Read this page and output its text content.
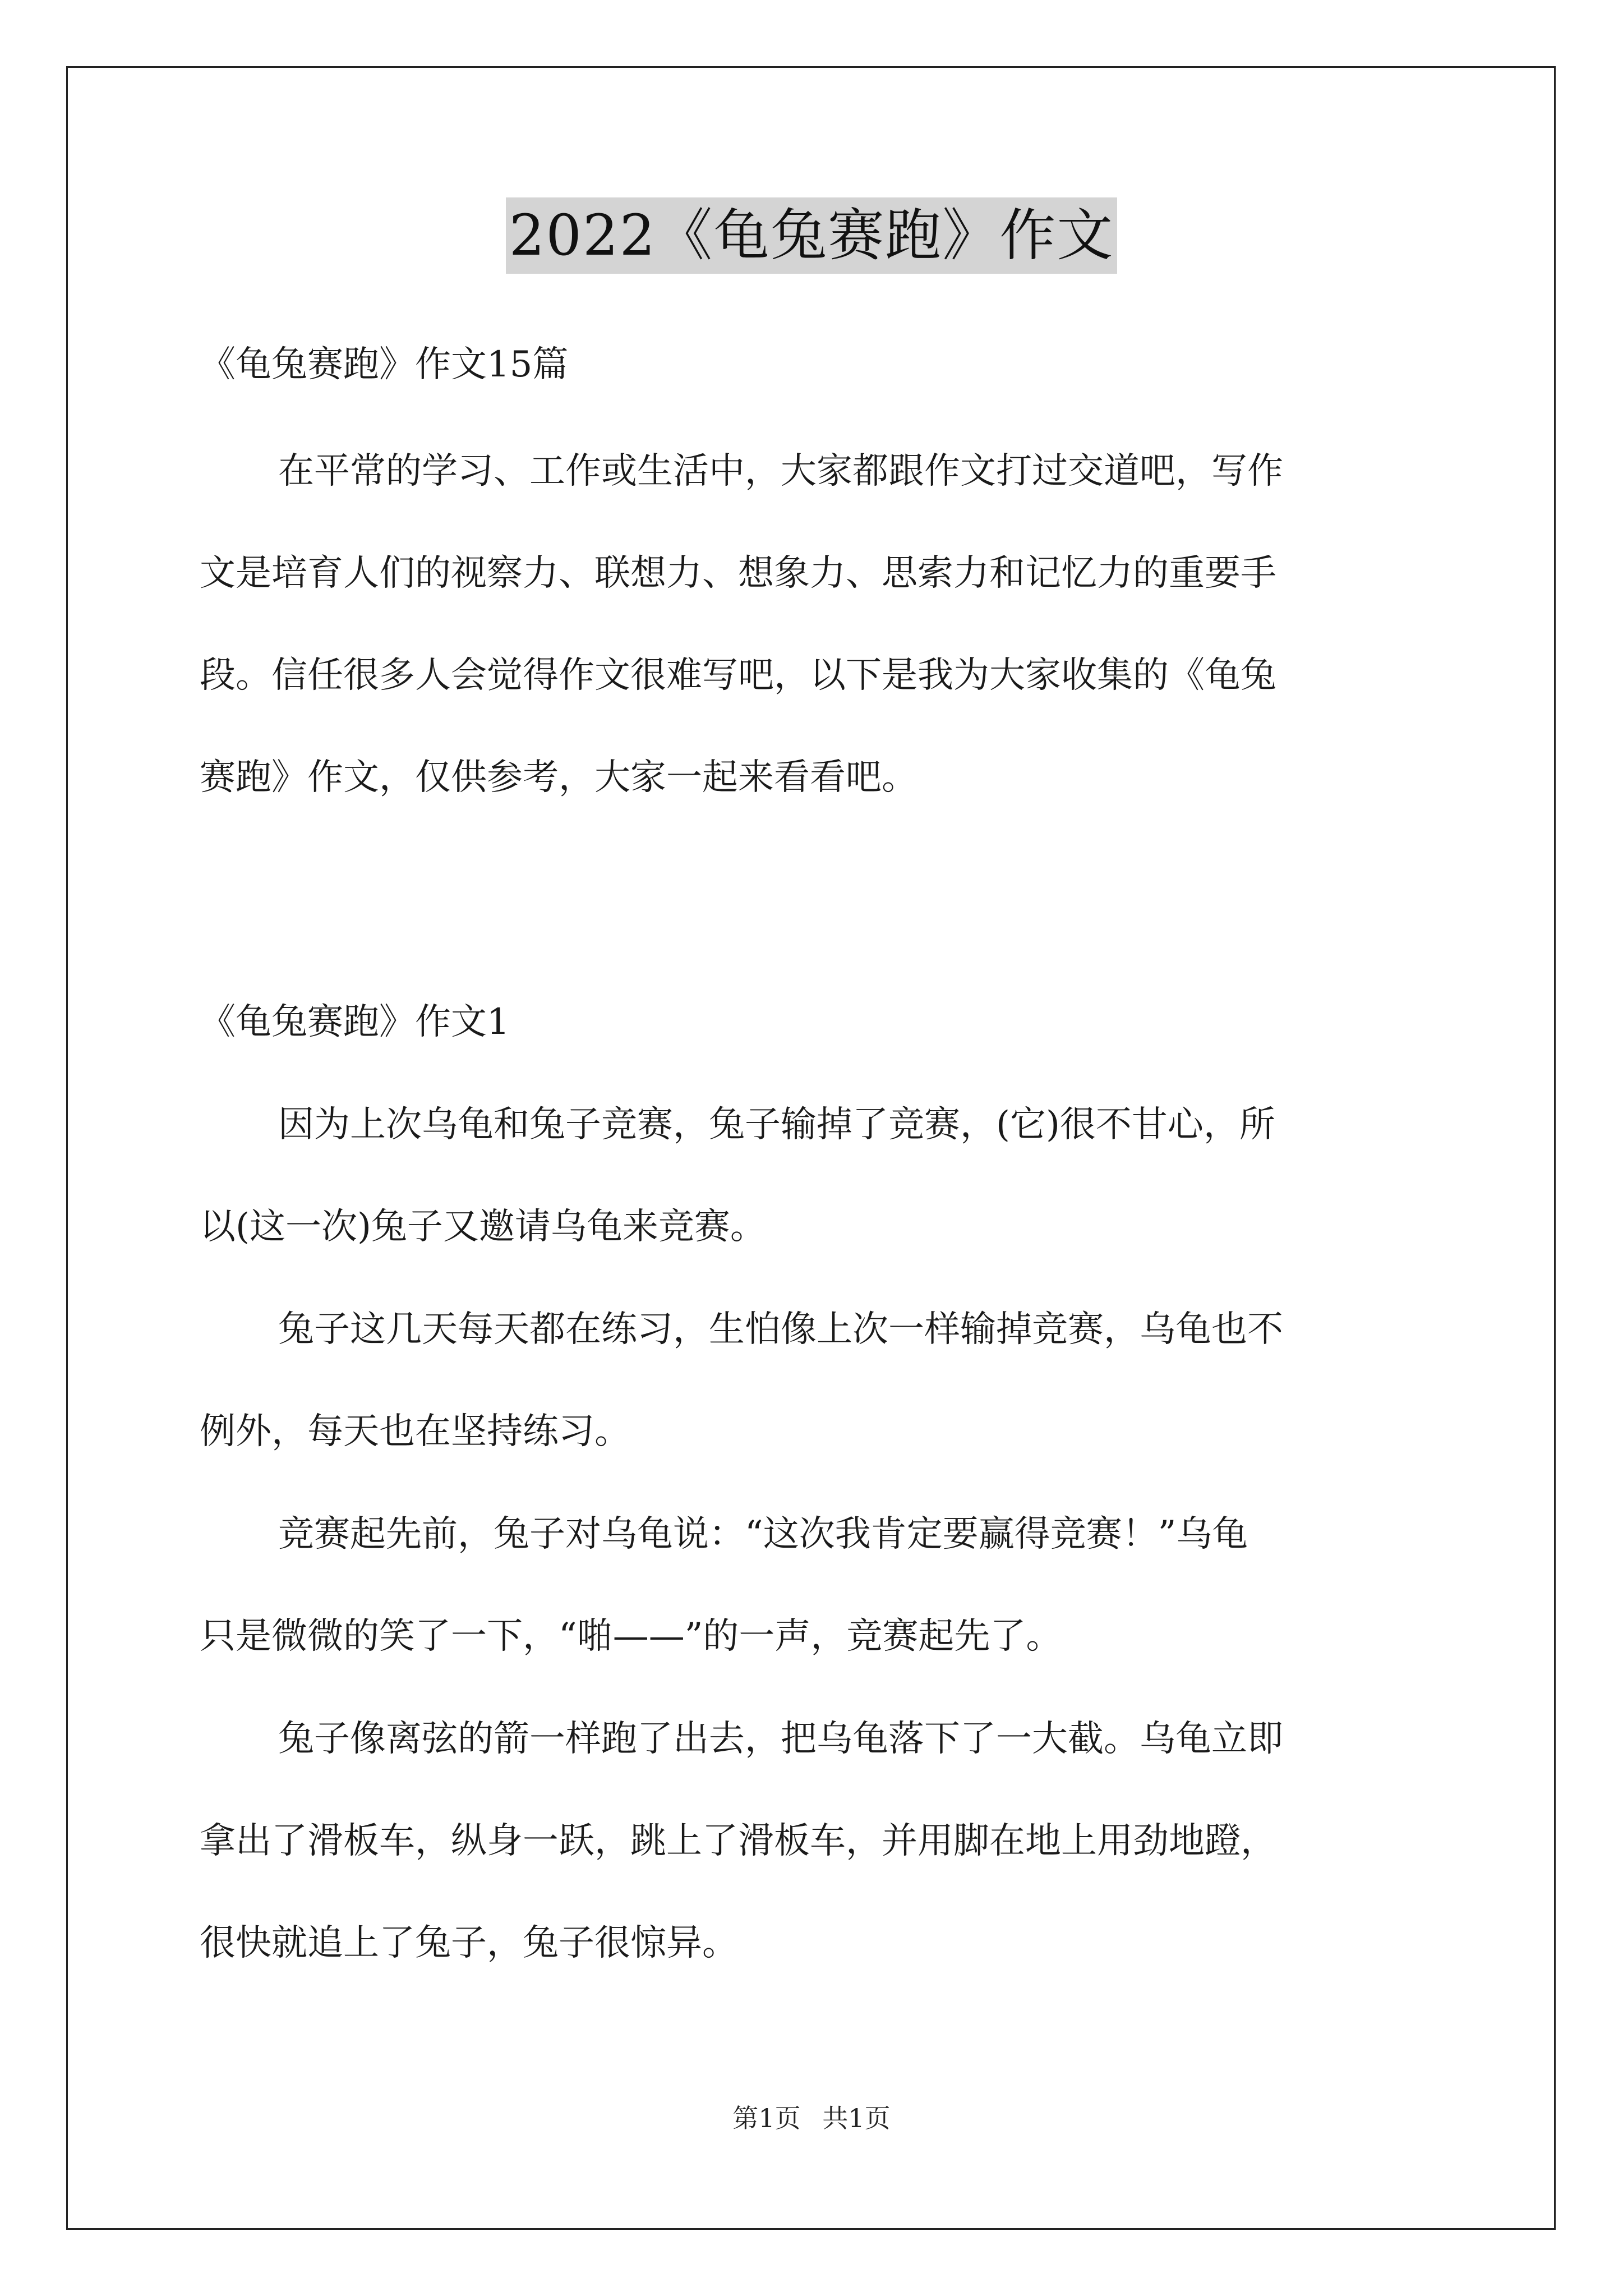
2022《龟兔赛跑》作文
《龟兔赛跑》作文15篇
在平常的学习、工作或生活中，大家都跟作文打过交道吧，写作
文是培育人们的视察力、联想力、想象力、思索力和记忆力的重要手
段。信任很多人会觉得作文很难写吧，以下是我为大家收集的《龟兔
赛跑》作文，仅供参考，大家一起来看看吧。
《龟兔赛跑》作文1
因为上次乌龟和兔子竞赛，兔子输掉了竞赛，(它)很不甘心，所
以(这一次)兔子又邀请乌龟来竞赛。
兔子这几天每天都在练习，生怕像上次一样输掉竞赛，乌龟也不
例外，每天也在坚持练习。
竞赛起先前，兔子对乌龟说：“这次我肯定要赢得竞赛！”乌龟
只是微微的笑了一下，“啪——”的一声，竞赛起先了。
兔子像离弦的箭一样跑了出去，把乌龟落下了一大截。乌龟立即
拿出了滑板车，纵身一跃，跳上了滑板车，并用脚在地上用劲地蹬，
很快就追上了兔子，兔子很惊异。
第1页 共1页
